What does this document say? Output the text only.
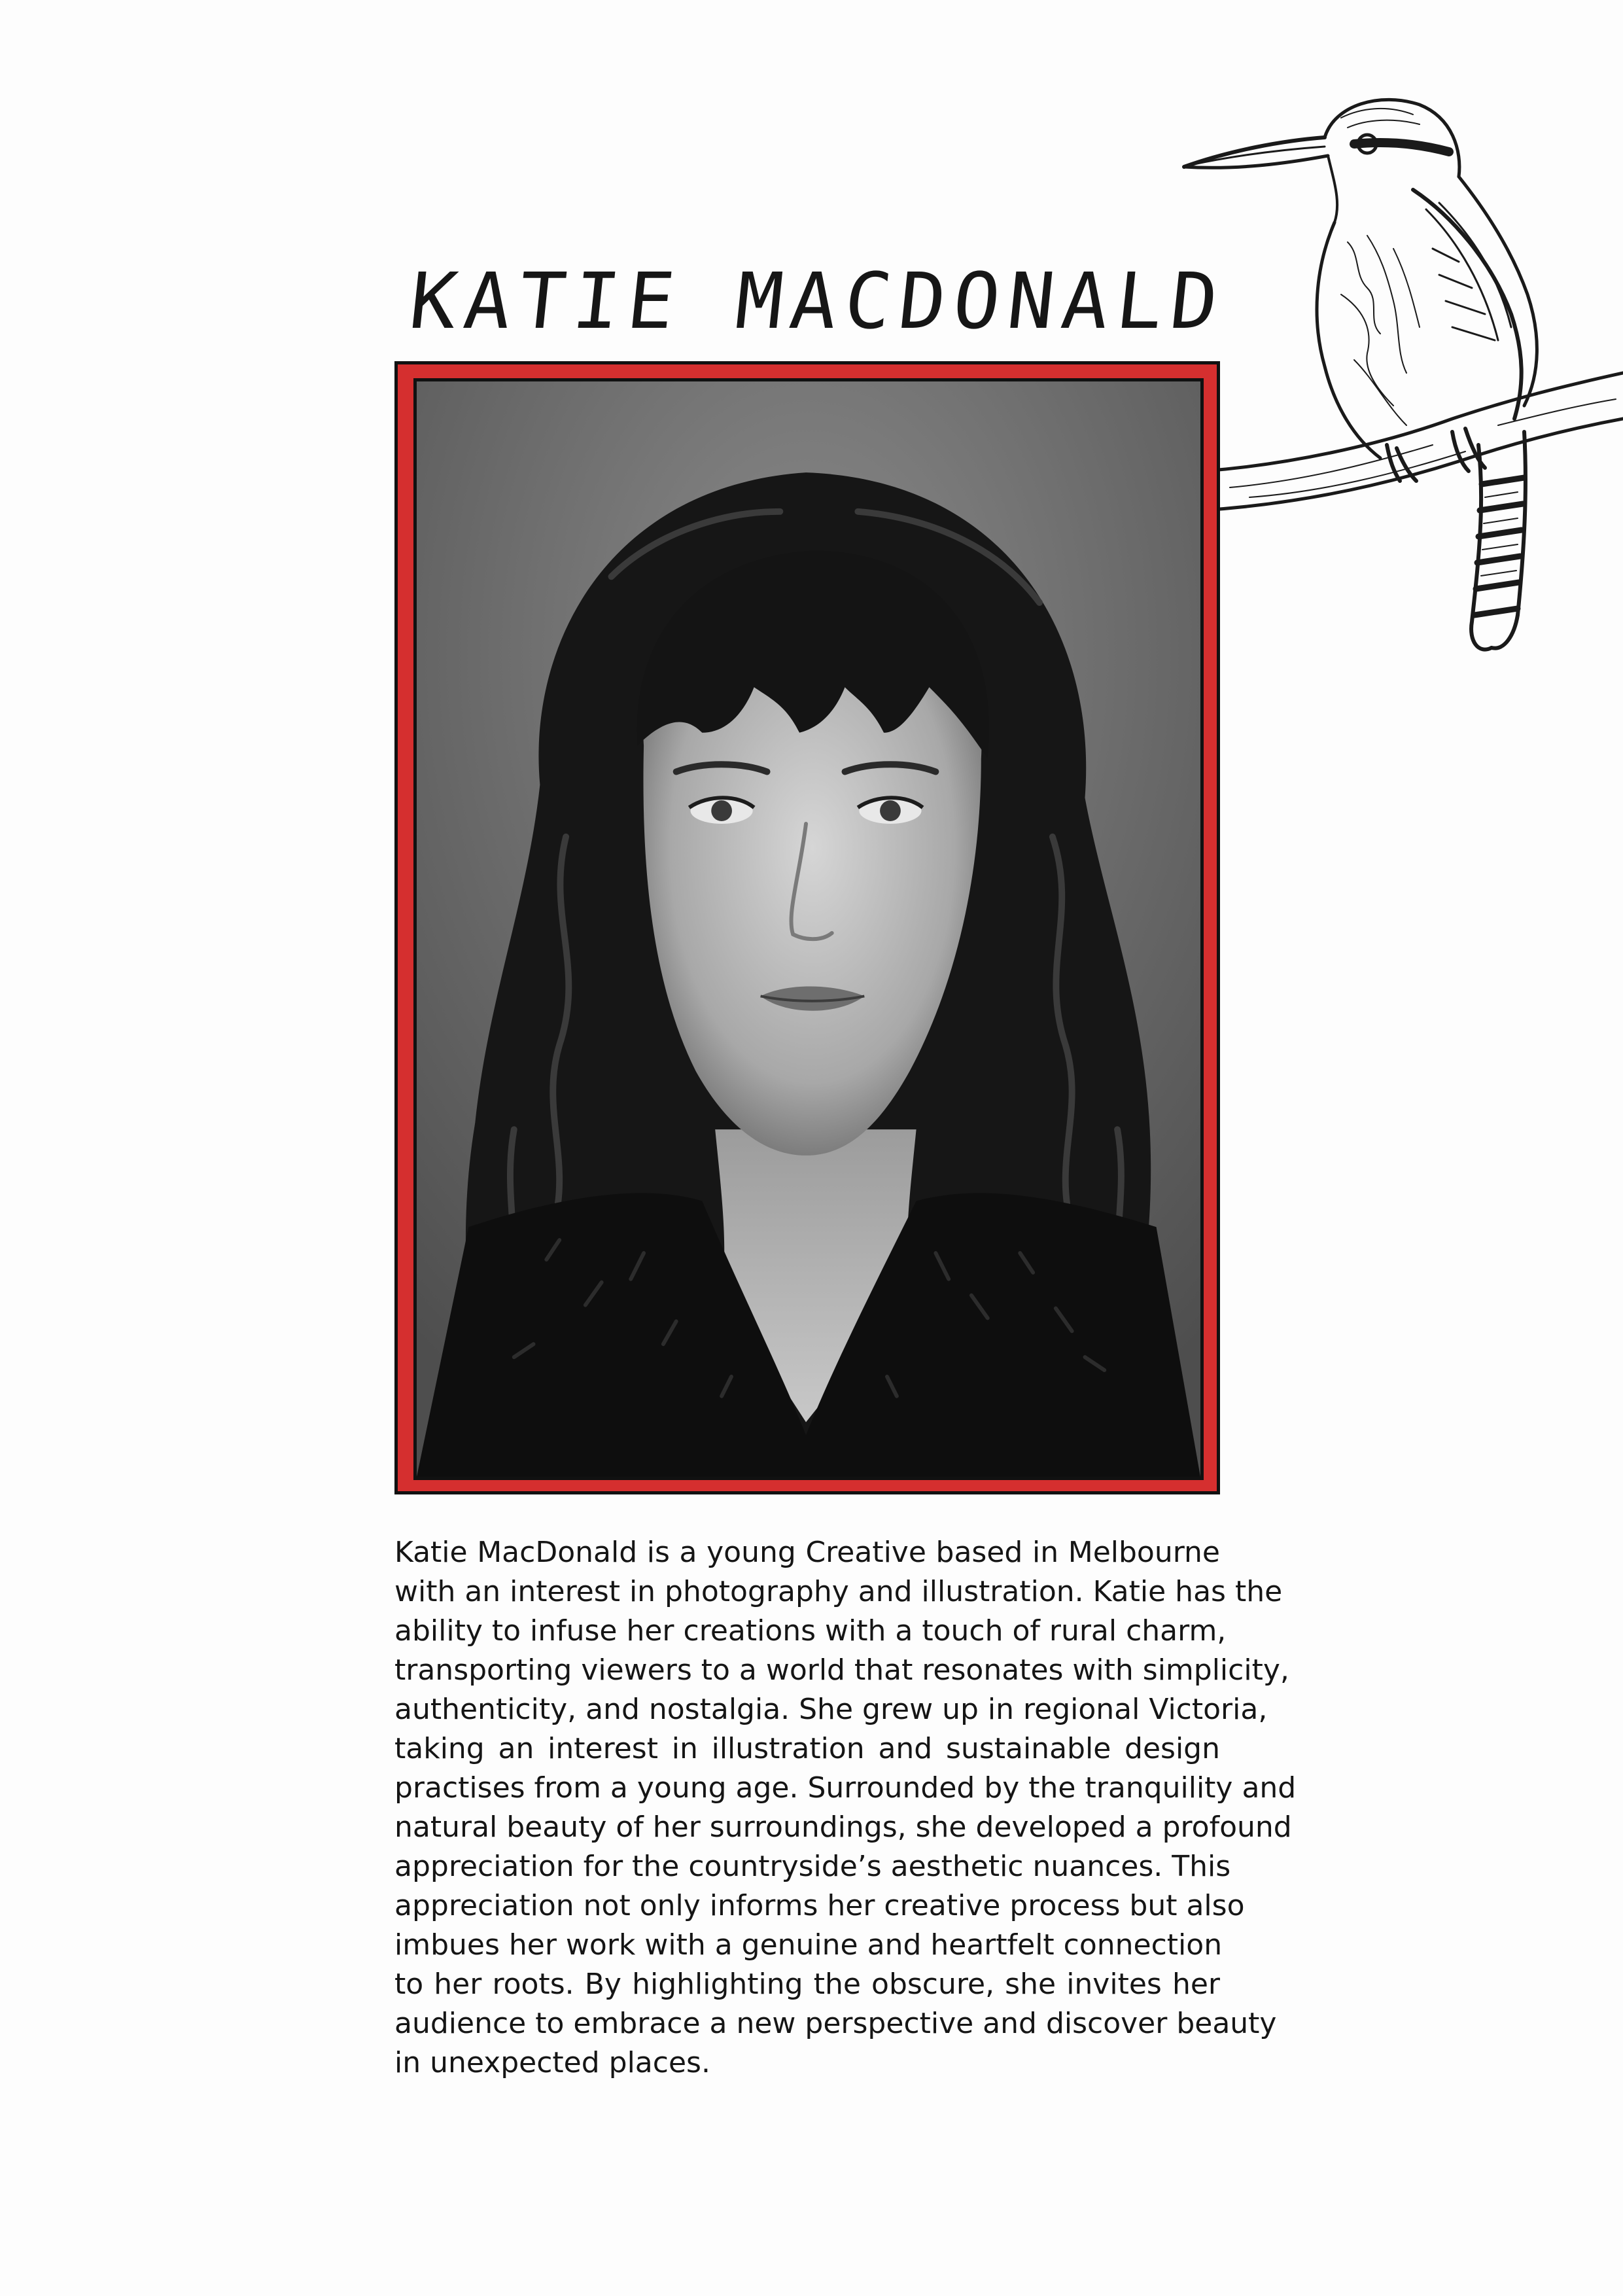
KATIE MACDONALD
Katie MacDonald is a young Creative based in Melbourne
with an interest in photography and illustration. Katie has the
ability to infuse her creations with a touch of rural charm,
transporting viewers to a world that resonates with simplicity,
authenticity, and nostalgia. She grew up in regional Victoria,
taking an interest in illustration and sustainable design
practises from a young age. Surrounded by the tranquility and
natural beauty of her surroundings, she developed a profound
appreciation for the countryside’s aesthetic nuances. This
appreciation not only informs her creative process but also
imbues her work with a genuine and heartfelt connection
to her roots. By highlighting the obscure, she invites her
audience to embrace a new perspective and discover beauty
in unexpected places.
